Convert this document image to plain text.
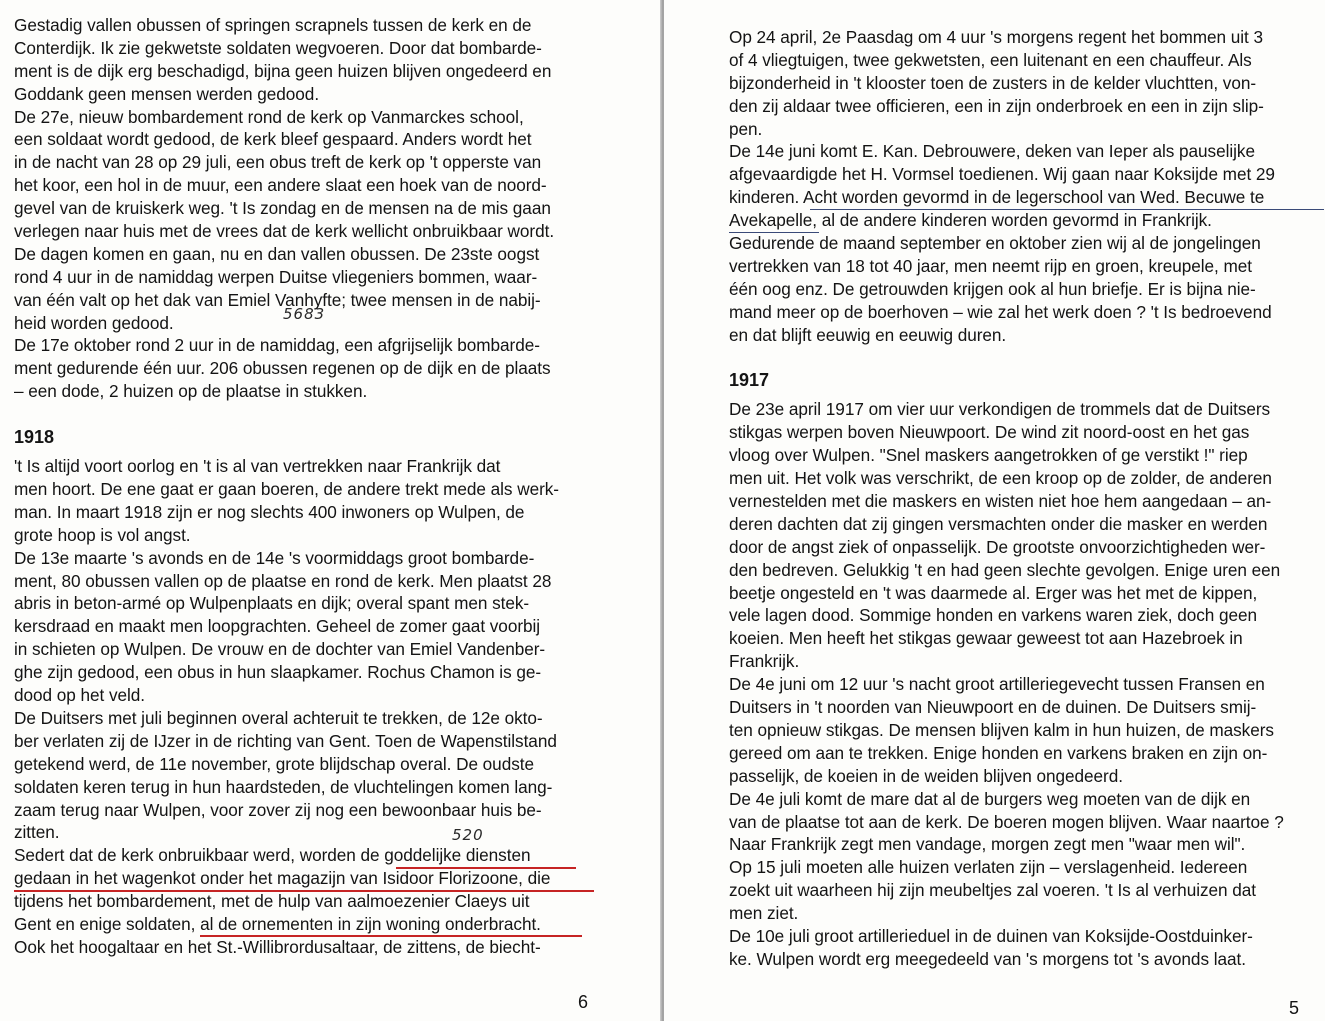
Gestadig vallen obussen of springen scrapnels tussen de kerk en de
Conterdijk. Ik zie gekwetste soldaten wegvoeren. Door dat bombarde-
ment is de dijk erg beschadigd, bijna geen huizen blijven ongedeerd en
Goddank geen mensen werden gedood.
De 27e, nieuw bombardement rond de kerk op Vanmarckes school,
een soldaat wordt gedood, de kerk bleef gespaard. Anders wordt het
in de nacht van 28 op 29 juli, een obus treft de kerk op 't opperste van
het koor, een hol in de muur, een andere slaat een hoek van de noord-
gevel van de kruiskerk weg. 't Is zondag en de mensen na de mis gaan
verlegen naar huis met de vrees dat de kerk wellicht onbruikbaar wordt.
De dagen komen en gaan, nu en dan vallen obussen. De 23ste oogst
rond 4 uur in de namiddag werpen Duitse vliegeniers bommen, waar-
van één valt op het dak van Emiel Vanhyfte; twee mensen in de nabij-
heid worden gedood.
De 17e oktober rond 2 uur in de namiddag, een afgrijselijk bombarde-
ment gedurende één uur. 206 obussen regenen op de dijk en de plaats
– een dode, 2 huizen op de plaatse in stukken.
1918
't Is altijd voort oorlog en 't is al van vertrekken naar Frankrijk dat
men hoort. De ene gaat er gaan boeren, de andere trekt mede als werk-
man. In maart 1918 zijn er nog slechts 400 inwoners op Wulpen, de
grote hoop is vol angst.
De 13e maarte 's avonds en de 14e 's voormiddags groot bombarde-
ment, 80 obussen vallen op de plaatse en rond de kerk. Men plaatst 28
abris in beton-armé op Wulpenplaats en dijk; overal spant men stek-
kersdraad en maakt men loopgrachten. Geheel de zomer gaat voorbij
in schieten op Wulpen. De vrouw en de dochter van Emiel Vandenber-
ghe zijn gedood, een obus in hun slaapkamer. Rochus Chamon is ge-
dood op het veld.
De Duitsers met juli beginnen overal achteruit te trekken, de 12e okto-
ber verlaten zij de IJzer in de richting van Gent. Toen de Wapenstilstand
getekend werd, de 11e november, grote blijdschap overal. De oudste
soldaten keren terug in hun haardsteden, de vluchtelingen komen lang-
zaam terug naar Wulpen, voor zover zij nog een bewoonbaar huis be-
zitten.
Sedert dat de kerk onbruikbaar werd, worden de goddelijke diensten
gedaan in het wagenkot onder het magazijn van Isidoor Florizoone, die
tijdens het bombardement, met de hulp van aalmoezenier Claeys uit
Gent en enige soldaten, al de ornementen in zijn woning onderbracht.
Ook het hoogaltaar en het St.-Willibrordusaltaar, de zittens, de biecht-
5683
520
6
Op 24 april, 2e Paasdag om 4 uur 's morgens regent het bommen uit 3
of 4 vliegtuigen, twee gekwetsten, een luitenant en een chauffeur. Als
bijzonderheid in 't klooster toen de zusters in de kelder vluchtten, von-
den zij aldaar twee officieren, een in zijn onderbroek en een in zijn slip-
pen.
De 14e juni komt E. Kan. Debrouwere, deken van Ieper als pauselijke
afgevaardigde het H. Vormsel toedienen. Wij gaan naar Koksijde met 29
kinderen. Acht worden gevormd in de legerschool van Wed. Becuwe te
Avekapelle, al de andere kinderen worden gevormd in Frankrijk.
Gedurende de maand september en oktober zien wij al de jongelingen
vertrekken van 18 tot 40 jaar, men neemt rijp en groen, kreupele, met
één oog enz. De getrouwden krijgen ook al hun briefje. Er is bijna nie-
mand meer op de boerhoven – wie zal het werk doen ? 't Is bedroevend
en dat blijft eeuwig en eeuwig duren.
1917
De 23e april 1917 om vier uur verkondigen de trommels dat de Duitsers
stikgas werpen boven Nieuwpoort. De wind zit noord-oost en het gas
vloog over Wulpen. "Snel maskers aangetrokken of ge verstikt !" riep
men uit. Het volk was verschrikt, de een kroop op de zolder, de anderen
vernestelden met die maskers en wisten niet hoe hem aangedaan – an-
deren dachten dat zij gingen versmachten onder die masker en werden
door de angst ziek of onpasselijk. De grootste onvoorzichtigheden wer-
den bedreven. Gelukkig 't en had geen slechte gevolgen. Enige uren een
beetje ongesteld en 't was daarmede al. Erger was het met de kippen,
vele lagen dood. Sommige honden en varkens waren ziek, doch geen
koeien. Men heeft het stikgas gewaar geweest tot aan Hazebroek in
Frankrijk.
De 4e juni om 12 uur 's nacht groot artilleriegevecht tussen Fransen en
Duitsers in 't noorden van Nieuwpoort en de duinen. De Duitsers smij-
ten opnieuw stikgas. De mensen blijven kalm in hun huizen, de maskers
gereed om aan te trekken. Enige honden en varkens braken en zijn on-
passelijk, de koeien in de weiden blijven ongedeerd.
De 4e juli komt de mare dat al de burgers weg moeten van de dijk en
van de plaatse tot aan de kerk. De boeren mogen blijven. Waar naartoe ?
Naar Frankrijk zegt men vandage, morgen zegt men "waar men wil".
Op 15 juli moeten alle huizen verlaten zijn – verslagenheid. Iedereen
zoekt uit waarheen hij zijn meubeltjes zal voeren. 't Is al verhuizen dat
men ziet.
De 10e juli groot artillerieduel in de duinen van Koksijde-Oostduinker-
ke. Wulpen wordt erg meegedeeld van 's morgens tot 's avonds laat.
5
